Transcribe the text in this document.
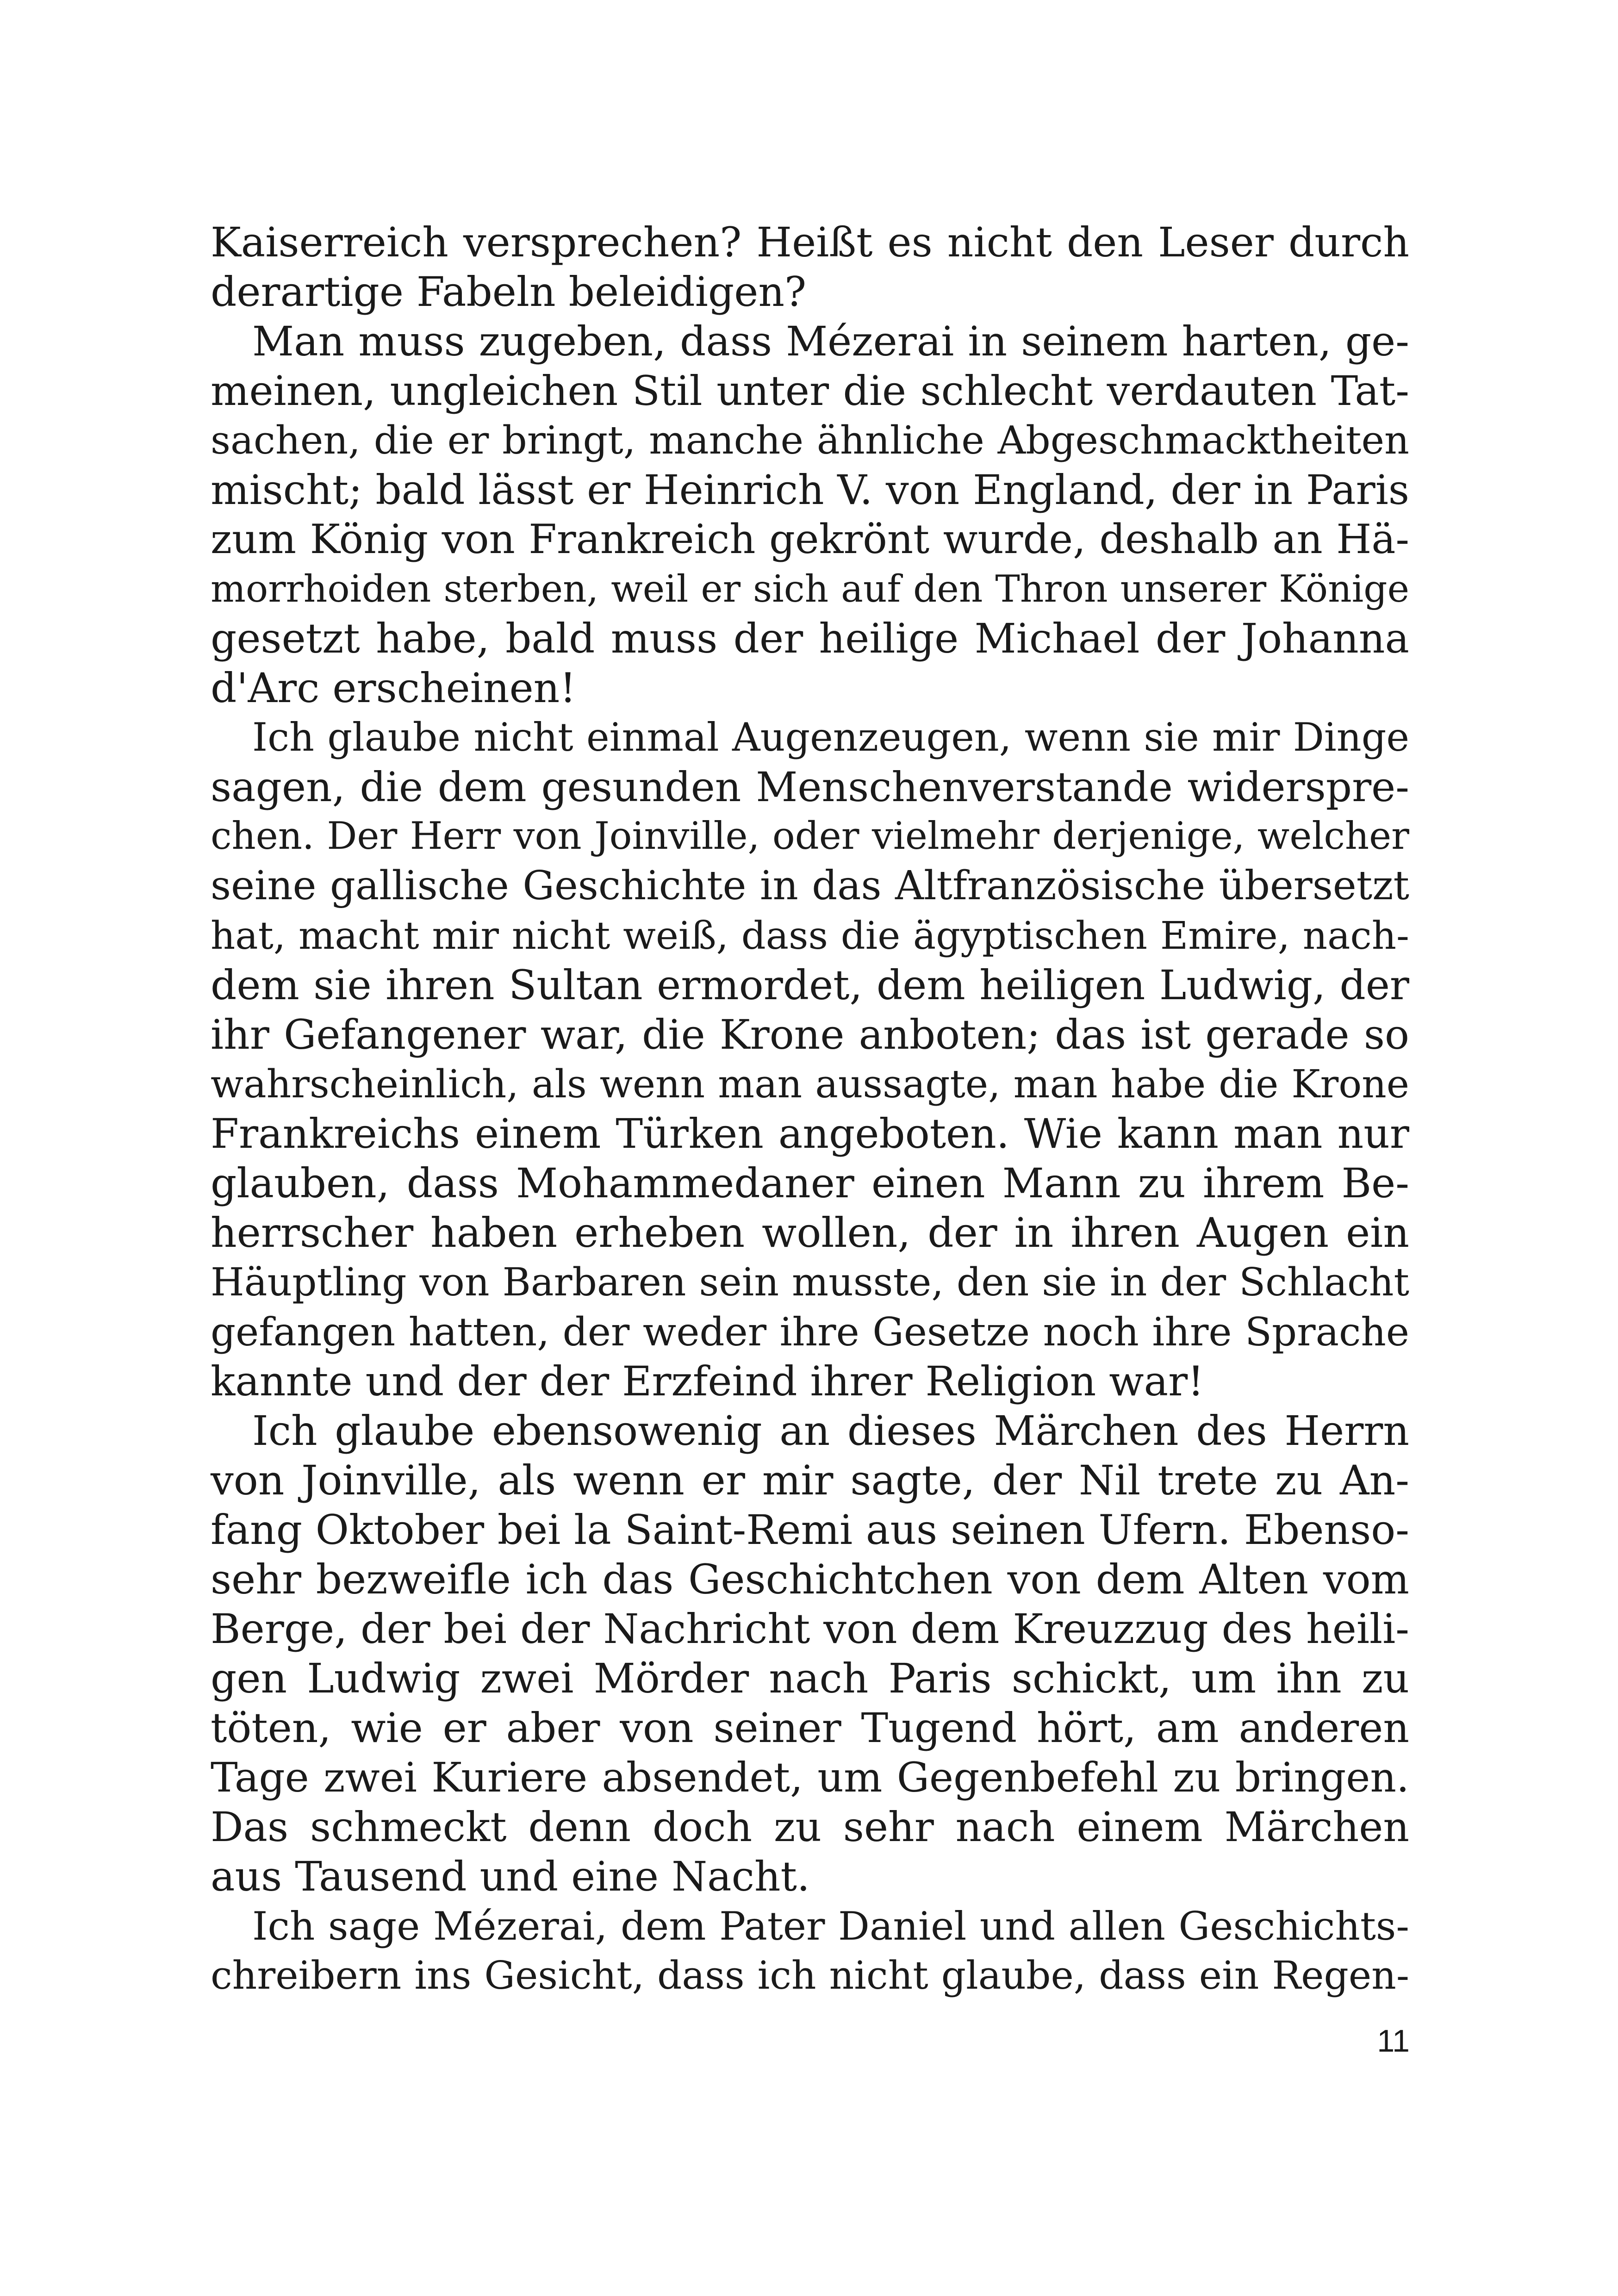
Kaiserreich versprechen? Heißt es nicht den Leser durch
derartige Fabeln beleidigen?
Man muss zugeben, dass Mézerai in seinem harten, ge-
meinen, ungleichen Stil unter die schlecht verdauten Tat-
sachen, die er bringt, manche ähnliche Abgeschmacktheiten
mischt; bald lässt er Heinrich V. von England, der in Paris
zum König von Frankreich gekrönt wurde, deshalb an Hä-
morrhoiden sterben, weil er sich auf den Thron unserer Könige
gesetzt habe, bald muss der heilige Michael der Johanna
d'Arc erscheinen!
Ich glaube nicht einmal Augenzeugen, wenn sie mir Dinge
sagen, die dem gesunden Menschenverstande widerspre-
chen. Der Herr von Joinville, oder vielmehr derjenige, welcher
seine gallische Geschichte in das Altfranzösische übersetzt
hat, macht mir nicht weiß, dass die ägyptischen Emire, nach-
dem sie ihren Sultan ermordet, dem heiligen Ludwig, der
ihr Gefangener war, die Krone anboten; das ist gerade so
wahrscheinlich, als wenn man aussagte, man habe die Krone
Frankreichs einem Türken angeboten. Wie kann man nur
glauben, dass Mohammedaner einen Mann zu ihrem Be-
herrscher haben erheben wollen, der in ihren Augen ein
Häuptling von Barbaren sein musste, den sie in der Schlacht
gefangen hatten, der weder ihre Gesetze noch ihre Sprache
kannte und der der Erzfeind ihrer Religion war!
Ich glaube ebensowenig an dieses Märchen des Herrn
von Joinville, als wenn er mir sagte, der Nil trete zu An-
fang Oktober bei la Saint-Remi aus seinen Ufern. Ebenso-
sehr bezweifle ich das Geschichtchen von dem Alten vom
Berge, der bei der Nachricht von dem Kreuzzug des heili-
gen Ludwig zwei Mörder nach Paris schickt, um ihn zu
töten, wie er aber von seiner Tugend hört, am anderen
Tage zwei Kuriere absendet, um Gegenbefehl zu bringen.
Das schmeckt denn doch zu sehr nach einem Märchen
aus Tausend und eine Nacht.
Ich sage Mézerai, dem Pater Daniel und allen Geschichts-
chreibern ins Gesicht, dass ich nicht glaube, dass ein Regen-
11
